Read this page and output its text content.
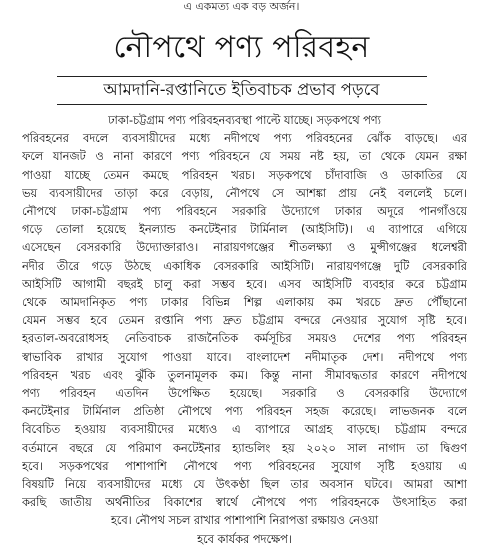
এ একমত্য এক বড় অর্জন।
নৌপথে পণ্য পরিবহন
আমদানি-রপ্তানিতে ইতিবাচক প্রভাব পড়বে
ঢাকা-চট্টগ্রাম পণ্য পরিবহনব্যবস্থা পাল্টে যাচ্ছে। সড়কপথে পণ্য
পরিবহনের বদলে ব্যবসায়ীদের মধ্যে নদীপথে পণ্য পরিবহনের ঝোঁক বাড়ছে। এর
ফলে যানজট ও নানা কারণে পণ্য পরিবহনে যে সময় নষ্ট হয়, তা থেকে যেমন রক্ষা
পাওয়া যাচ্ছে তেমন কমছে পরিবহন খরচ। সড়কপথে চাঁদাবাজি ও ডাকাতির যে
ভয় ব্যবসায়ীদের তাড়া করে বেড়ায়, নৌপথে সে আশঙ্কা প্রায় নেই বললেই চলে।
নৌপথে ঢাকা-চট্টগ্রাম পণ্য পরিবহনে সরকারি উদ্যোগে ঢাকার অদূরে পানগাঁওয়ে
গড়ে তোলা হয়েছে ইনল্যান্ড কনটেইনার টার্মিনাল (আইসিটি)। এ ব্যাপারে এগিয়ে
এসেছেন বেসরকারি উদ্যোক্তারাও। নারায়ণগঞ্জের শীতলক্ষ্যা ও মুন্সীগঞ্জের ধলেশ্বরী
নদীর তীরে গড়ে উঠছে একাধিক বেসরকারি আইসিটি। নারায়ণগঞ্জে দুটি বেসরকারি
আইসিটি আগামী বছরই চালু করা সম্ভব হবে। এসব আইসিটি ব্যবহার করে চট্টগ্রাম
থেকে আমদানিকৃত পণ্য ঢাকার বিভিন্ন শিল্প এলাকায় কম খরচে দ্রুত পৌঁছানো
যেমন সম্ভব হবে তেমন রপ্তানি পণ্য দ্রুত চট্টগ্রাম বন্দরে নেওয়ার সুযোগ সৃষ্টি হবে।
হরতাল-অবরোধসহ নেতিবাচক রাজনৈতিক কর্মসূচির সময়ও দেশের পণ্য পরিবহন
স্বাভাবিক রাখার সুযোগ পাওয়া যাবে। বাংলাদেশ নদীমাতৃক দেশ। নদীপথে পণ্য
পরিবহন খরচ এবং ঝুঁকি তুলনামূলক কম। কিন্তু নানা সীমাবদ্ধতার কারণে নদীপথে
পণ্য পরিবহন এতদিন উপেক্ষিত হয়েছে। সরকারি ও বেসরকারি উদ্যোগে
কনটেইনার টার্মিনাল প্রতিষ্ঠা নৌপথে পণ্য পরিবহন সহজ করেছে। লাভজনক বলে
বিবেচিত হওয়ায় ব্যবসায়ীদের মধ্যেও এ ব্যাপারে আগ্রহ বাড়ছে। চট্টগ্রাম বন্দরে
বর্তমানে বছরে যে পরিমাণ কনটেইনার হ্যান্ডলিং হয় ২০২০ সাল নাগাদ তা দ্বিগুণ
হবে। সড়কপথের পাশাপাশি নৌপথে পণ্য পরিবহনের সুযোগ সৃষ্টি হওয়ায় এ
বিষয়টি নিয়ে ব্যবসায়ীদের মধ্যে যে উৎকণ্ঠা ছিল তার অবসান ঘটবে। আমরা আশা
করছি জাতীয় অর্থনীতির বিকাশের স্বার্থে নৌপথে পণ্য পরিবহনকে উৎসাহিত করা
হবে। নৌপথ সচল রাখার পাশাপাশি নিরাপত্তা রক্ষায়ও নেওয়া
হবে কার্যকর পদক্ষেপ।
